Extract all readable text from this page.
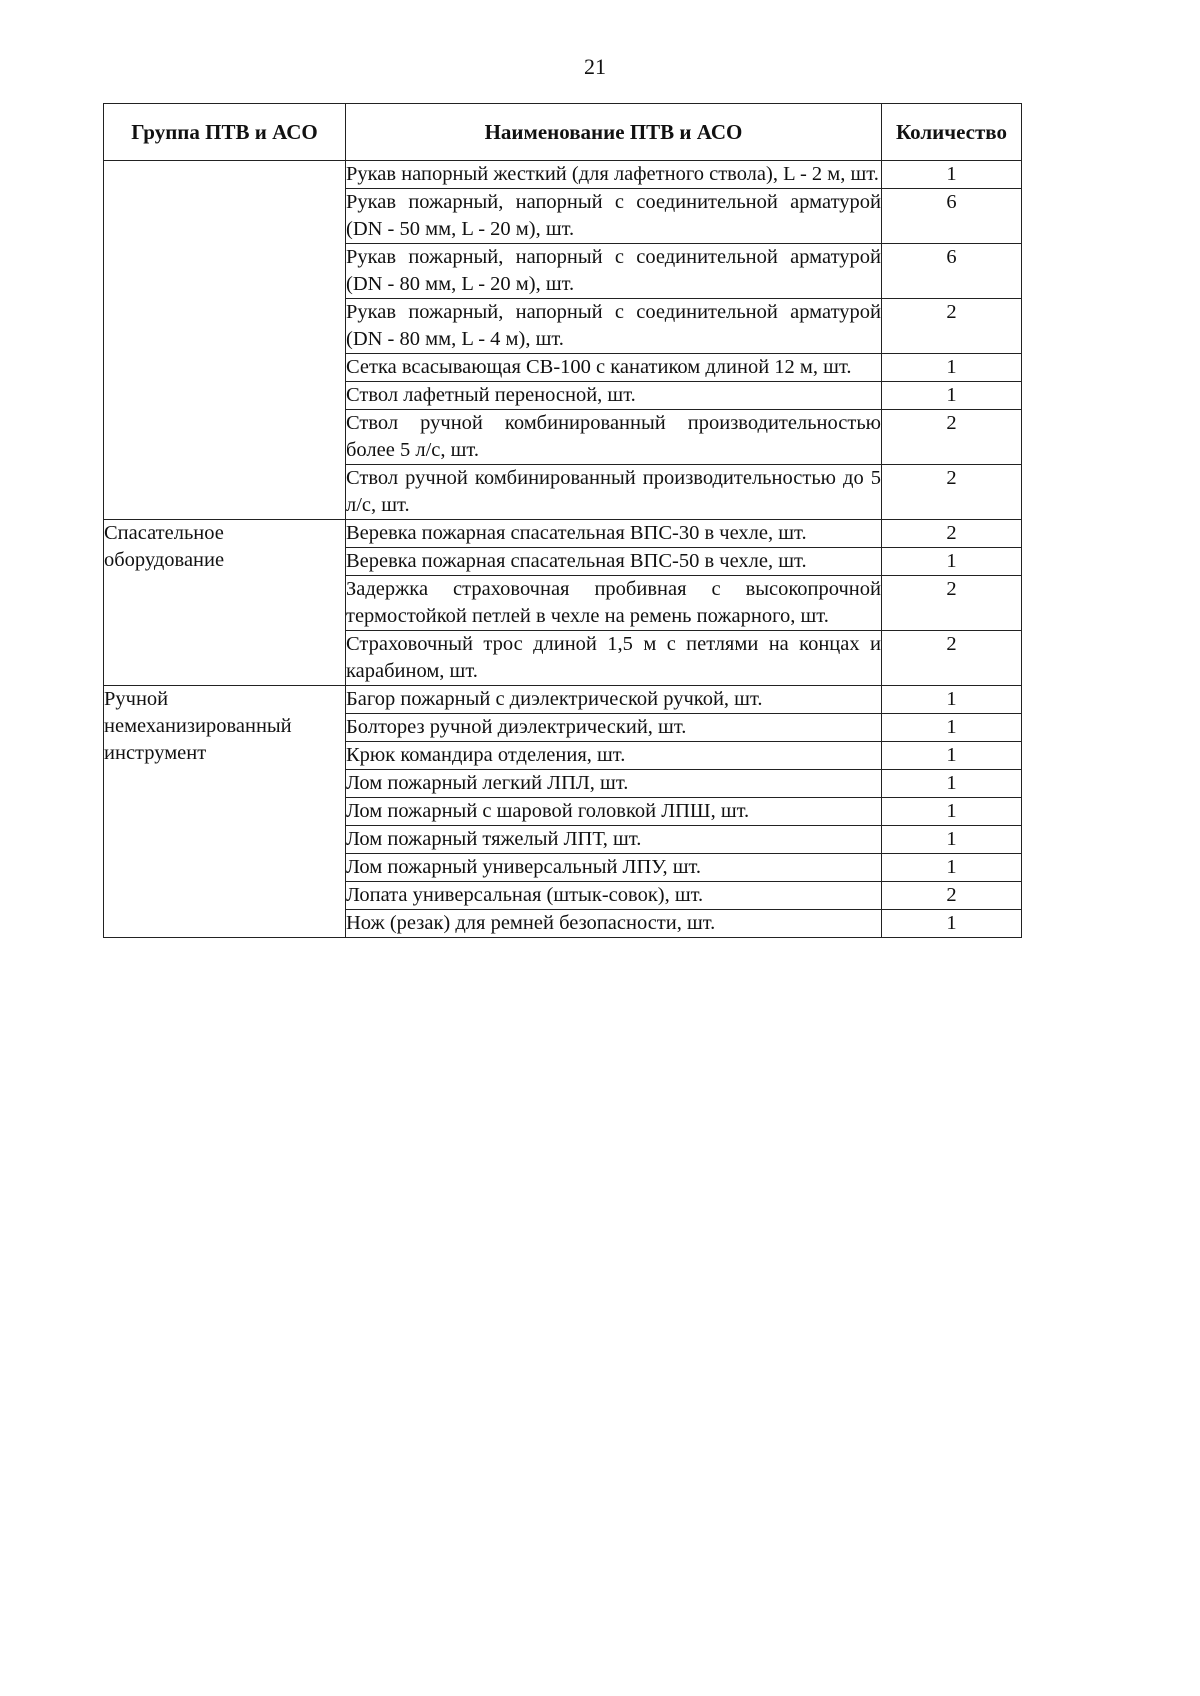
21
Группа ПТВ и АСО	Наименование ПТВ и АСО	Количество
	Рукав напорный жесткий (для лафетного ствола), L - 2 м, шт.	1
	Рукав пожарный, напорный с соединительной арматурой (DN - 50 мм, L - 20 м), шт.	6
	Рукав пожарный, напорный с соединительной арматурой (DN - 80 мм, L - 20 м), шт.	6
	Рукав пожарный, напорный с соединительной арматурой (DN - 80 мм, L - 4 м), шт.	2
	Сетка всасывающая СВ-100 с канатиком длиной 12 м, шт.	1
	Ствол лафетный переносной, шт.	1
	Ствол ручной комбинированный производительностью более 5 л/с, шт.	2
	Ствол ручной комбинированный производительностью до 5 л/с, шт.	2
Спасательное оборудование	Веревка пожарная спасательная ВПС-30 в чехле, шт.	2
	Веревка пожарная спасательная ВПС-50 в чехле, шт.	1
	Задержка страховочная пробивная с высокопрочной термостойкой петлей в чехле на ремень пожарного, шт.	2
	Страховочный трос длиной 1,5 м с петлями на концах и карабином, шт.	2
Ручной немеханизированный инструмент	Багор пожарный с диэлектрической ручкой, шт.	1
	Болторез ручной диэлектрический, шт.	1
	Крюк командира отделения, шт.	1
	Лом пожарный легкий ЛПЛ, шт.	1
	Лом пожарный с шаровой головкой ЛПШ, шт.	1
	Лом пожарный тяжелый ЛПТ, шт.	1
	Лом пожарный универсальный ЛПУ, шт.	1
	Лопата универсальная (штык-совок), шт.	2
	Нож (резак) для ремней безопасности, шт.	1
